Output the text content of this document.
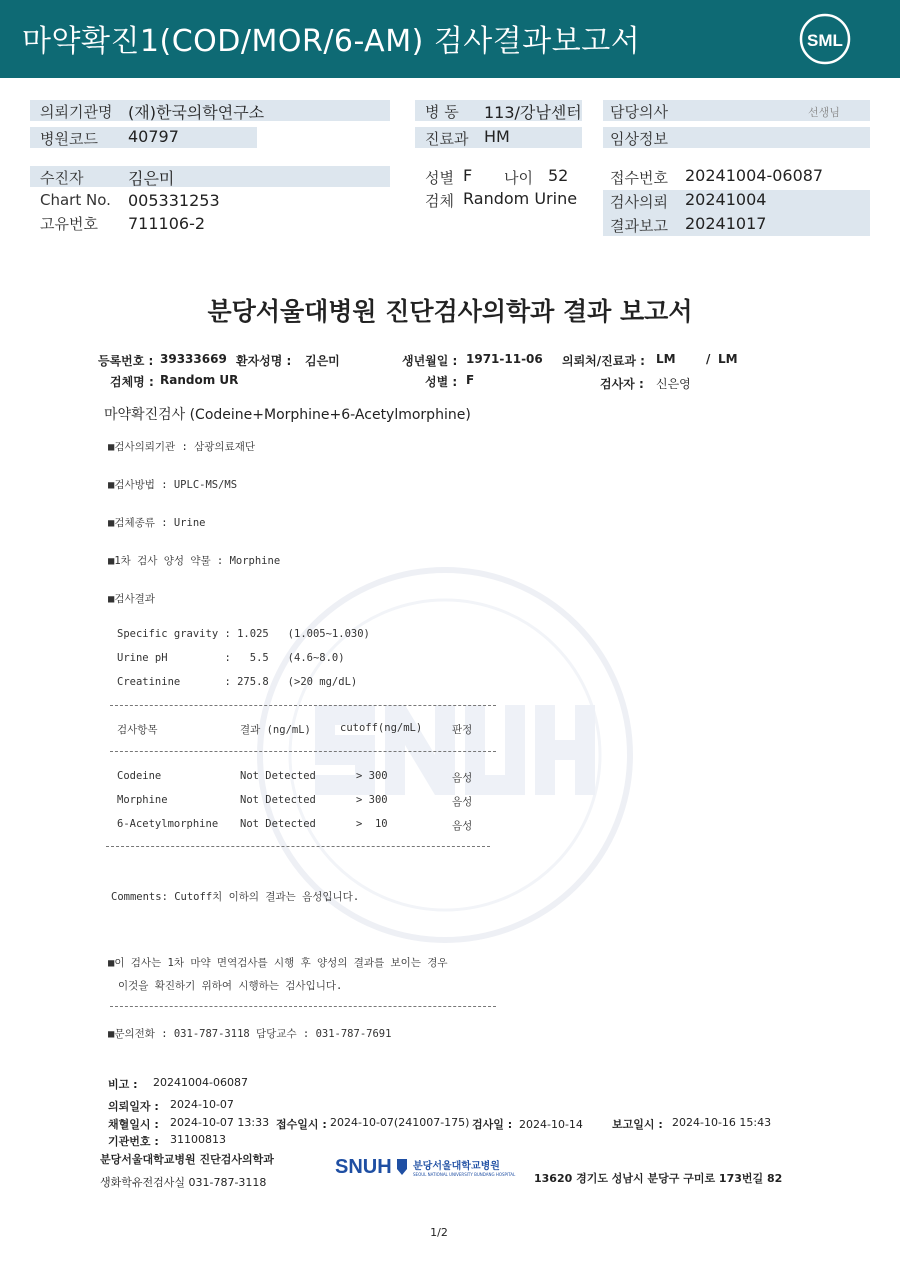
마약확진1(COD/MOR/6-AM) 검사결과보고서	SML
의뢰기관명 (재)한국의학연구소	병 동 113/강남센터 담당의사	선생님
병원코드 40797	진료과 HM	임상정보
수진자	김은미	성별 F 나이 52	접수번호 20241004-06087
Chart No. 005331253	검체 Random Urine 검사의뢰 20241004
고유번호 711106-2	결과보고 20241017
분당서울대병원 진단검사의학과 결과 보고서
등록번호 : 39333669 환자성명 : 김은미	생년월일 : 1971-11-06 의뢰처/진료과 : LM	/ LM
검체명 : Random UR	성별 : F	검사자 : 신은영
마약확진검사 (Codeine+Morphine+6-Acetylmorphine)
■검사의뢰기관 : 삼광의료재단
■검사방법 : UPLC-MS/MS
■검체종류 : Urine
■1차 검사 양성 약물 : Morphine
■검사결과
Specific gravity : 1.025   (1.005~1.030)
Urine pH         :   5.5   (4.6~8.0)
Creatinine       : 275.8   (>20 mg/dL)
검사항목	결과 (ng/mL)	cutoff(ng/mL)	판정
Codeine	Not Detected	> 300	음성
Morphine	Not Detected	> 300	음성
6-Acetylmorphine Not Detected	>  10	음성
Comments: Cutoff치 이하의 결과는 음성입니다.
■이 검사는 1차 마약 면역검사를 시행 후 양성의 결과를 보이는 경우
이것을 확진하기 위하여 시행하는 검사입니다.
■문의전화 : 031-787-3118 담당교수 : 031-787-7691
비고 : 20241004-06087
의뢰일자 : 2024-10-07
채혈일시 : 2024-10-07 13:33 접수일시 : 2024-10-07(241007-175) 검사일 : 2024-10-14	보고일시 : 2024-10-16 15:43
기관번호 : 31100813
분당서울대학교병원 진단검사의학과
생화학유전검사실 031-787-3118
SNUH 분당서울대학교병원
SEOUL NATIONAL UNIVERSITY BUNDANG HOSPITAL 13620 경기도 성남시 분당구 구미로 173번길 82
1/2
